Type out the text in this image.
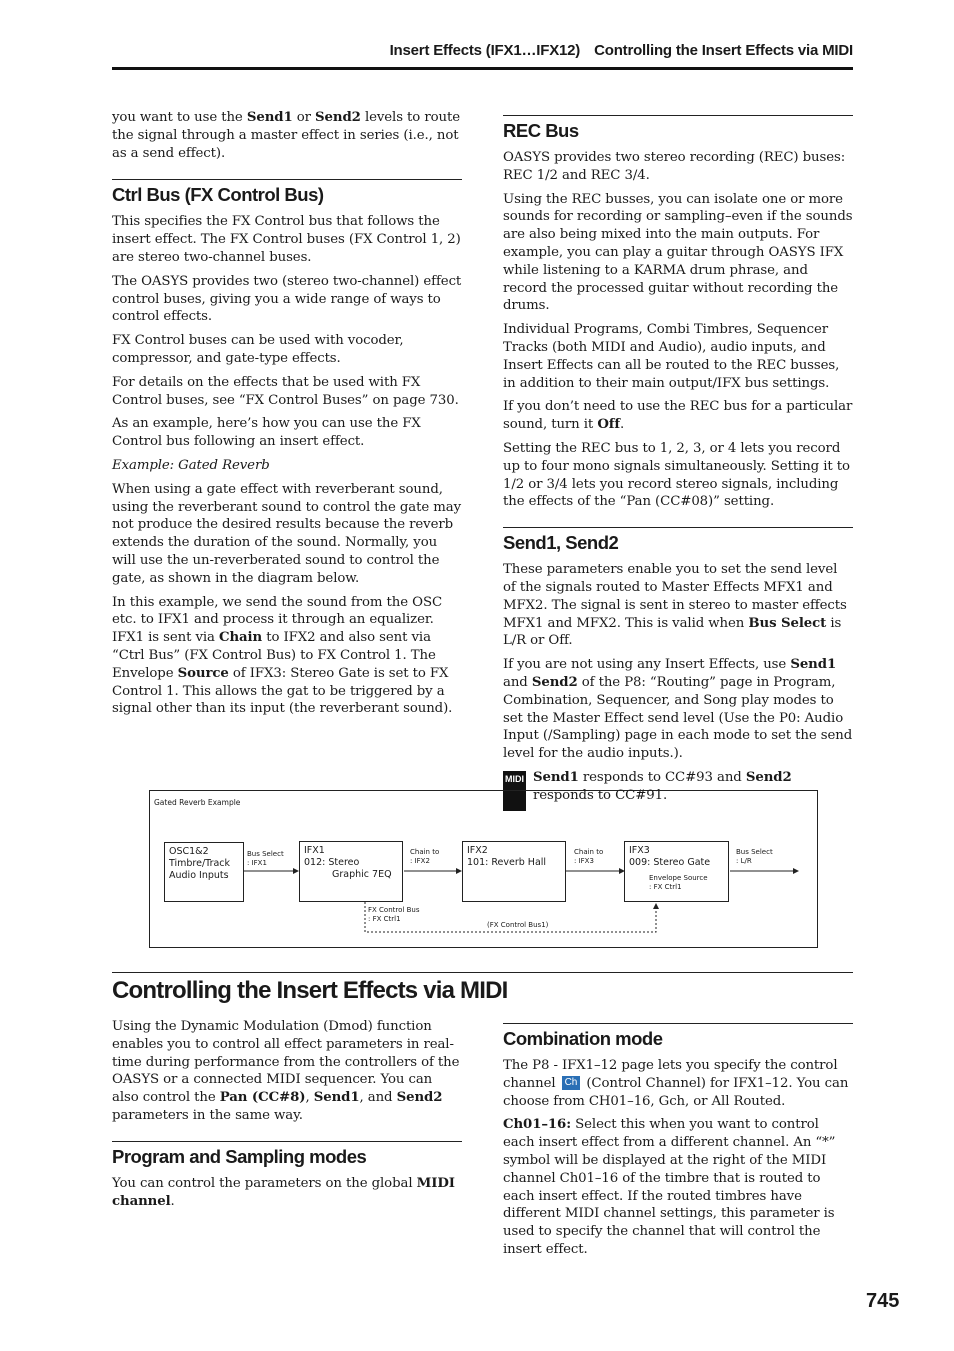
Insert Effects (IFX1…IFX12) Controlling the Insert Effects via MIDI

you want to use the Send1 or Send2 levels to route the signal through a master effect in series (i.e., not as a send effect).

Ctrl Bus (FX Control Bus)

This specifies the FX Control bus that follows the insert effect. The FX Control buses (FX Control 1, 2) are stereo two-channel buses.

The OASYS provides two (stereo two-channel) effect control buses, giving you a wide range of ways to control effects.

FX Control buses can be used with vocoder, compressor, and gate-type effects.

For details on the effects that be used with FX Control buses, see “FX Control Buses” on page 730.

As an example, here’s how you can use the FX Control bus following an insert effect.

Example: Gated Reverb

When using a gate effect with reverberant sound, using the reverberant sound to control the gate may not produce the desired results because the reverb extends the duration of the sound. Normally, you will use the un-reverberated sound to control the gate, as shown in the diagram below.

In this example, we send the sound from the OSC etc. to IFX1 and process it through an equalizer. IFX1 is sent via Chain to IFX2 and also sent via “Ctrl Bus” (FX Control Bus) to FX Control 1. The Envelope Source of IFX3: Stereo Gate is set to FX Control 1. This allows the gat to be triggered by a signal other than its input (the reverberant sound).

REC Bus

OASYS provides two stereo recording (REC) buses: REC 1/2 and REC 3/4.

Using the REC busses, you can isolate one or more sounds for recording or sampling–even if the sounds are also being mixed into the main outputs. For example, you can play a guitar through OASYS IFX while listening to a KARMA drum phrase, and record the processed guitar without recording the drums.

Individual Programs, Combi Timbres, Sequencer Tracks (both MIDI and Audio), audio inputs, and Insert Effects can all be routed to the REC busses, in addition to their main output/IFX bus settings.

If you don’t need to use the REC bus for a particular sound, turn it Off.

Setting the REC bus to 1, 2, 3, or 4 lets you record up to four mono signals simultaneously. Setting it to 1/2 or 3/4 lets you record stereo signals, including the effects of the “Pan (CC#08)” setting.

Send1, Send2

These parameters enable you to set the send level of the signals routed to Master Effects MFX1 and MFX2. The signal is sent in stereo to master effects MFX1 and MFX2. This is valid when Bus Select is L/R or Off.

If you are not using any Insert Effects, use Send1 and Send2 of the P8: “Routing” page in Program, Combination, Sequencer, and Song play modes to set the Master Effect send level (Use the P0: Audio Input (/Sampling) page in each mode to set the send level for the audio inputs.).

MIDI Send1 responds to CC#93 and Send2 responds to CC#91.

Gated Reverb Example
OSC1&2
Timbre/Track
Audio Inputs
Bus Select
: IFX1
IFX1
012: Stereo
Graphic 7EQ
Chain to
: IFX2
IFX2
101: Reverb Hall
Chain to
: IFX3
IFX3
009: Stereo Gate
Envelope Source
: FX Ctrl1
Bus Select
: L/R
FX Control Bus
: FX Ctrl1
(FX Control Bus1)
Controlling the Insert Effects via MIDI

Using the Dynamic Modulation (Dmod) function enables you to control all effect parameters in real-time during performance from the controllers of the OASYS or a connected MIDI sequencer. You can also control the Pan (CC#8), Send1, and Send2 parameters in the same way.

Program and Sampling modes

You can control the parameters on the global MIDI channel.

Combination mode

The P8 - IFX1–12 page lets you specify the control channel Ch (Control Channel) for IFX1–12. You can choose from CH01–16, Gch, or All Routed.

Ch01–16: Select this when you want to control each insert effect from a different channel. An “*” symbol will be displayed at the right of the MIDI channel Ch01–16 of the timbre that is routed to each insert effect. If the routed timbres have different MIDI channel settings, this parameter is used to specify the channel that will control the insert effect.

745
